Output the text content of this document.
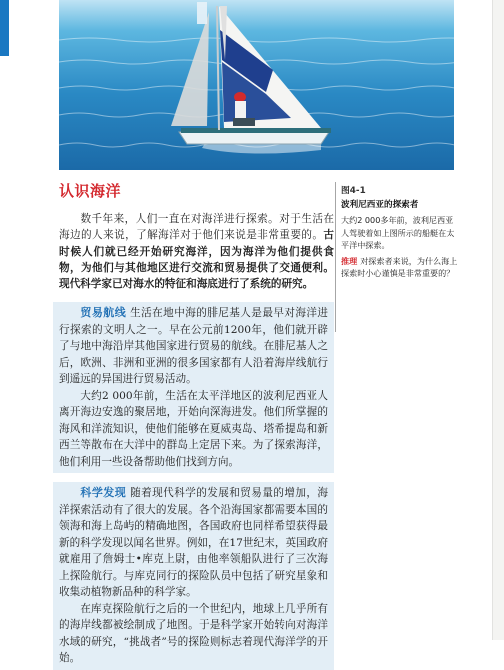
认识海洋

数千年来，人们一直在对海洋进行探索。对于生活在海边的人来说，了解海洋对于他们来说是非常重要的。古时候人们就已经开始研究海洋，因为海洋为他们提供食物，为他们与其他地区进行交流和贸易提供了交通便利。现代科学家已对海水的特征和海底进行了系统的研究。

贸易航线 生活在地中海的腓尼基人是最早对海洋进行探索的文明人之一。早在公元前1200年，他们就开辟了与地中海沿岸其他国家进行贸易的航线。在腓尼基人之后，欧洲、非洲和亚洲的很多国家都有人沿着海岸线航行到遥远的异国进行贸易活动。

大约2 000年前，生活在太平洋地区的波利尼西亚人离开海边安逸的聚居地，开始向深海进发。他们所掌握的海风和洋流知识，使他们能够在夏威夷岛、塔希提岛和新西兰等散布在大洋中的群岛上定居下来。为了探索海洋，他们利用一些设备帮助他们找到方向。

科学发现 随着现代科学的发展和贸易量的增加，海洋探索活动有了很大的发展。各个沿海国家都需要本国的领海和海上岛屿的精确地图，各国政府也同样希望获得最新的科学发现以闻名世界。例如，在17世纪末，英国政府就雇用了詹姆士•库克上尉，由他率领船队进行了三次海上探险航行。与库克同行的探险队员中包括了研究星象和收集动植物新品种的科学家。

在库克探险航行之后的一个世纪内，地球上几乎所有的海岸线都被绘制成了地图。于是科学家开始转向对海洋水域的研究，“挑战者”号的探险则标志着现代海洋学的开始。

图4-1
波利尼西亚的探索者
大约2 000多年前，波利尼西亚人驾驶着如上图所示的船艇在太平洋中探索。
推理 对探索者来说，为什么海上探索时小心谨慎是非常重要的？
